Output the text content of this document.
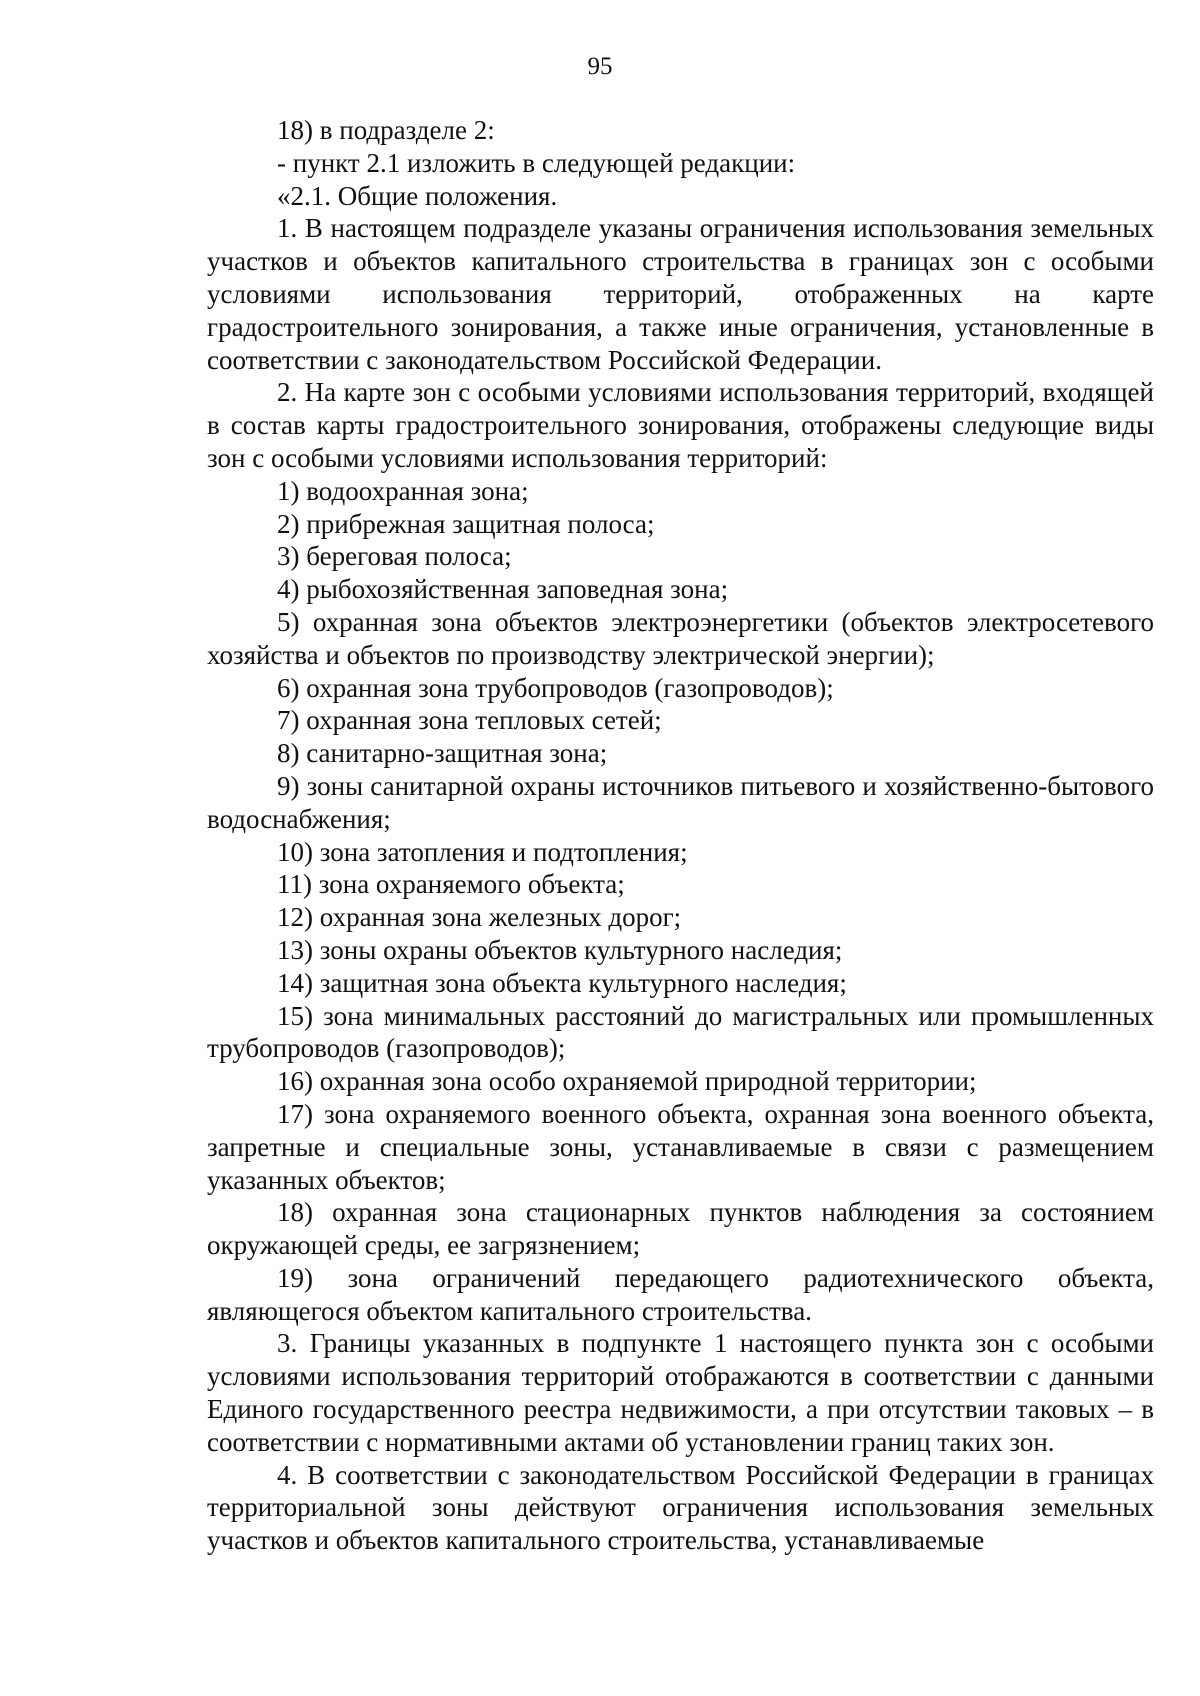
95

18) в подразделе 2:

- пункт 2.1 изложить в следующей редакции:

«2.1. Общие положения.

1. В настоящем подразделе указаны ограничения использования земельных участков и объектов капитального строительства в границах зон с особыми условиями использования территорий, отображенных на карте градостроительного зонирования, а также иные ограничения, установленные в соответствии с законодательством Российской Федерации.

2. На карте зон с особыми условиями использования территорий, входящей в состав карты градостроительного зонирования, отображены следующие виды зон с особыми условиями использования территорий:

1) водоохранная зона;

2) прибрежная защитная полоса;

3) береговая полоса;

4) рыбохозяйственная заповедная зона;

5) охранная зона объектов электроэнергетики (объектов электросетевого хозяйства и объектов по производству электрической энергии);

6) охранная зона трубопроводов (газопроводов);

7) охранная зона тепловых сетей;

8) санитарно-защитная зона;

9) зоны санитарной охраны источников питьевого и хозяйственно-бытового водоснабжения;

10) зона затопления и подтопления;

11) зона охраняемого объекта;

12) охранная зона железных дорог;

13) зоны охраны объектов культурного наследия;

14) защитная зона объекта культурного наследия;

15) зона минимальных расстояний до магистральных или промышленных трубопроводов (газопроводов);

16) охранная зона особо охраняемой природной территории;

17) зона охраняемого военного объекта, охранная зона военного объекта, запретные и специальные зоны, устанавливаемые в связи с размещением указанных объектов;

18) охранная зона стационарных пунктов наблюдения за состоянием окружающей среды, ее загрязнением;

19) зона ограничений передающего радиотехнического объекта, являющегося объектом капитального строительства.

3. Границы указанных в подпункте 1 настоящего пункта зон с особыми условиями использования территорий отображаются в соответствии с данными Единого государственного реестра недвижимости, а при отсутствии таковых – в соответствии с нормативными актами об установлении границ таких зон.

4. В соответствии с законодательством Российской Федерации в границах территориальной зоны действуют ограничения использования земельных участков и объектов капитального строительства, устанавливаемые
